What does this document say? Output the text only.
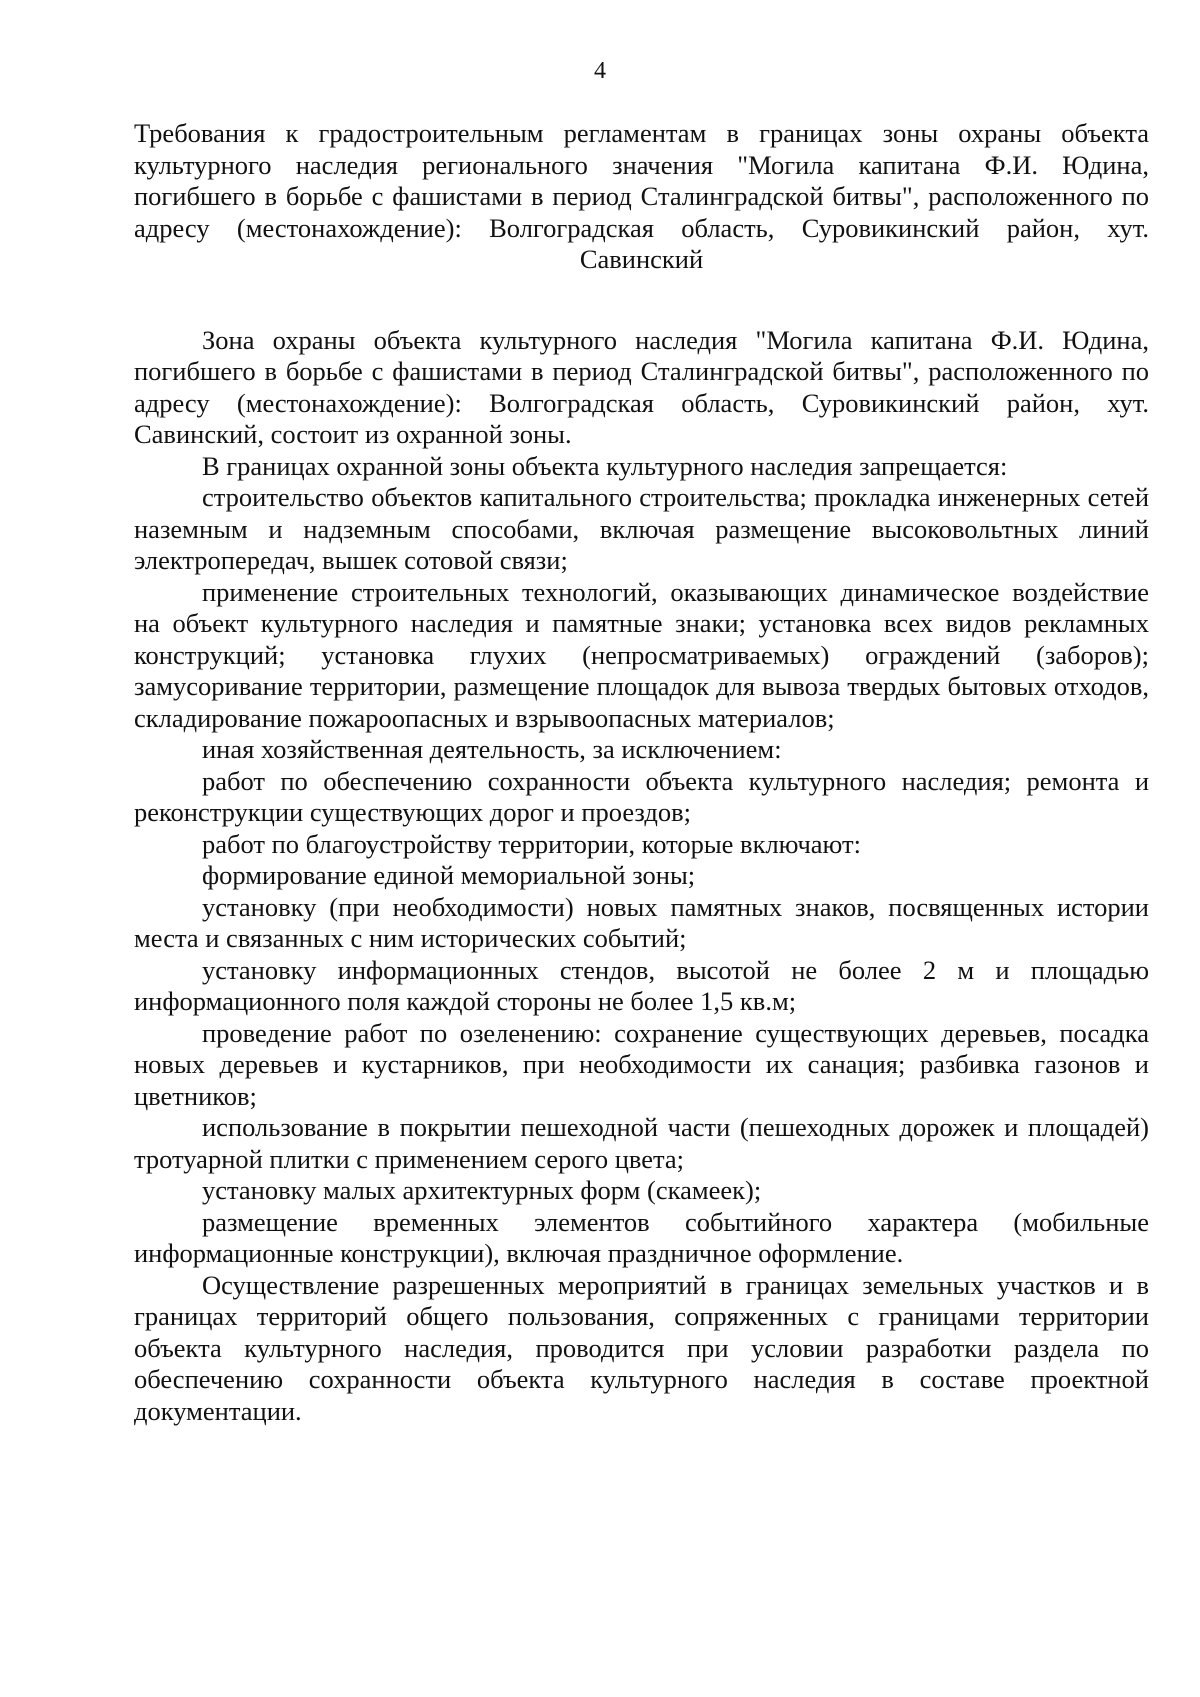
4

Требования к градостроительным регламентам в границах зоны охраны объекта культурного наследия регионального значения "Могила капитана Ф.И. Юдина, погибшего в борьбе с фашистами в период Сталинградской битвы", расположенного по адресу (местонахождение): Волгоградская область, Суровикинский район, хут. Савинский

Зона охраны объекта культурного наследия "Могила капитана Ф.И. Юдина, погибшего в борьбе с фашистами в период Сталинградской битвы", расположенного по адресу (местонахождение): Волгоградская область, Суровикинский район, хут. Савинский, состоит из охранной зоны.

В границах охранной зоны объекта культурного наследия запрещается:

строительство объектов капитального строительства; прокладка инженерных сетей наземным и надземным способами, включая размещение высоковольтных линий электропередач, вышек сотовой связи;

применение строительных технологий, оказывающих динамическое воздействие на объект культурного наследия и памятные знаки; установка всех видов рекламных конструкций; установка глухих (непросматриваемых) ограждений (заборов); замусоривание территории, размещение площадок для вывоза твердых бытовых отходов, складирование пожароопасных и взрывоопасных материалов;

иная хозяйственная деятельность, за исключением:

работ по обеспечению сохранности объекта культурного наследия; ремонта и реконструкции существующих дорог и проездов;

работ по благоустройству территории, которые включают:

формирование единой мемориальной зоны;

установку (при необходимости) новых памятных знаков, посвященных истории места и связанных с ним исторических событий;

установку информационных стендов, высотой не более 2 м и площадью информационного поля каждой стороны не более 1,5 кв.м;

проведение работ по озеленению: сохранение существующих деревьев, посадка новых деревьев и кустарников, при необходимости их санация; разбивка газонов и цветников;

использование в покрытии пешеходной части (пешеходных дорожек и площадей) тротуарной плитки с применением серого цвета;

установку малых архитектурных форм (скамеек);

размещение временных элементов событийного характера (мобильные информационные конструкции), включая праздничное оформление.

Осуществление разрешенных мероприятий в границах земельных участков и в границах территорий общего пользования, сопряженных с границами территории объекта культурного наследия, проводится при условии разработки раздела по обеспечению сохранности объекта культурного наследия в составе проектной документации.
